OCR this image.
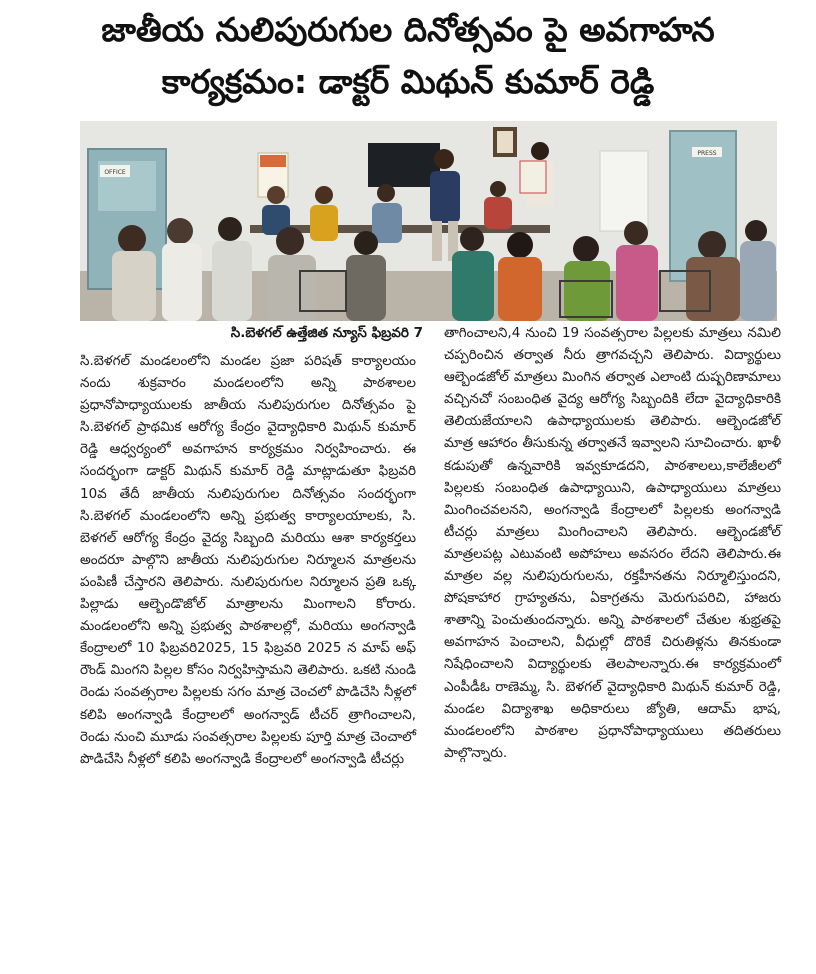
జాతీయ నులిపురుగుల దినోత్సవం పై అవగాహన
కార్యక్రమం: డాక్టర్ మిథున్ కుమార్ రెడ్డి
OFFICE
PRESS
సి.బెళగల్ ఉత్తేజిత న్యూస్ ఫిబ్రవరి 7

సి.బెళగల్ మండలంలోని మండల ప్రజా పరిషత్ కార్యాలయం నందు శుక్రవారం మండలంలోని అన్ని పాఠశాలల ప్రధానోపాధ్యాయులకు జాతీయ నులిపురుగుల దినోత్సవం పై సి.బెళగల్ ప్రాథమిక ఆరోగ్య కేంద్రం వైద్యాధికారి మిథున్ కుమార్ రెడ్డి ఆధ్వర్యంలో అవగాహన కార్యక్రమం నిర్వహించారు. ఈ సందర్భంగా డాక్టర్ మిథున్ కుమార్ రెడ్డి మాట్లాడుతూ ఫిబ్రవరి 10వ తేదీ జాతీయ నులిపురుగుల దినోత్సవం సందర్భంగా సి.బెళగల్ మండలంలోని అన్ని ప్రభుత్వ కార్యాలయాలకు, సి. బెళగల్ ఆరోగ్య కేంద్రం వైద్య సిబ్బంది మరియు ఆశా కార్యకర్తలు అందరూ పాల్గొని జాతీయ నులిపురుగుల నిర్మూలన మాత్రలను పంపిణీ చేస్తారని తెలిపారు. నులిపురుగుల నిర్మూలన ప్రతి ఒక్క పిల్లాడు ఆల్బెండొజోల్ మాత్రాలను మింగాలని కోరారు. మండలంలోని అన్ని ప్రభుత్వ పాఠశాలల్లో, మరియు అంగన్వాడి కేంద్రాలలో 10 ఫిబ్రవరి2025, 15 ఫిబ్రవరి 2025 న మాప్ అఫ్ రౌండ్ మింగని పిల్లల కోసం నిర్వహిస్తామని తెలిపారు. ఒకటి నుండి రెండు సంవత్సరాల పిల్లలకు సగం మాత్ర చెంచలో పొడిచేసి నీళ్లలో కలిపి అంగన్వాడి కేంద్రాలలో అంగన్వాడ్ టీచర్ త్రాగించాలని, రెండు నుంచి మూడు సంవత్సరాల పిల్లలకు పూర్తి మాత్ర చెంచాలో పొడిచేసి నీళ్లలో కలిపి అంగన్వాడి కేంద్రాలలో అంగన్వాడి టీచర్లు

తాగించాలని,4 నుంచి 19 సంవత్సరాల పిల్లలకు మాత్రలు నమిలి చప్పరించిన తర్వాత నీరు త్రాగవచ్చని తెలిపారు. విద్యార్థులు ఆల్బెండజోల్ మాత్రలు మింగిన తర్వాత ఎలాంటి దుష్పరిణామాలు వచ్చినచో సంబంధిత వైద్య ఆరోగ్య సిబ్బందికి లేదా వైద్యాధికారికి తెలియజేయాలని ఉపాధ్యాయులకు తెలిపారు. ఆల్బెండజోల్ మాత్ర ఆహారం తీసుకున్న తర్వాతనే ఇవ్వాలని సూచించారు. ఖాళీ కడుపుతో ఉన్నవారికి ఇవ్వకూడదని, పాఠశాలలు,కాలేజీలలో పిల్లలకు సంబంధిత ఉపాధ్యాయిని, ఉపాధ్యాయులు మాత్రలు మింగించవలనని, అంగన్వాడి కేంద్రాలలో పిల్లలకు అంగన్వాడి టీచర్లు మాత్రలు మింగించాలని తెలిపారు. ఆల్బెండజోల్ మాత్రలపట్ల ఎటువంటి అపోహలు అవసరం లేదని తెలిపారు.ఈ మాత్రల వల్ల నులిపురుగులను, రక్తహీనతను నిర్మూలిస్తుందని, పోషకాహార గ్రాహ్యతను, ఏకాగ్రతను మెరుగుపరిచి, హాజరు శాతాన్ని పెంచుతుందన్నారు. అన్ని పాఠశాలలో చేతుల శుభ్రతపై అవగాహన పెంచాలని, వీధుల్లో దొరికే చిరుతిళ్లను తినకుండా నిషేధించాలని విద్యార్థులకు తెలపాలన్నారు.ఈ కార్యక్రమంలో ఎంపీడీఓ రాణెమ్మ, సి. బెళగల్ వైద్యాధికారి మిథున్ కుమార్ రెడ్డి, మండల విద్యాశాఖ అధికారులు జ్యోతి, ఆదామ్ భాష, మండలంలోని పాఠశాల ప్రధానోపాధ్యాయులు తదితరులు పాల్గొన్నారు.
